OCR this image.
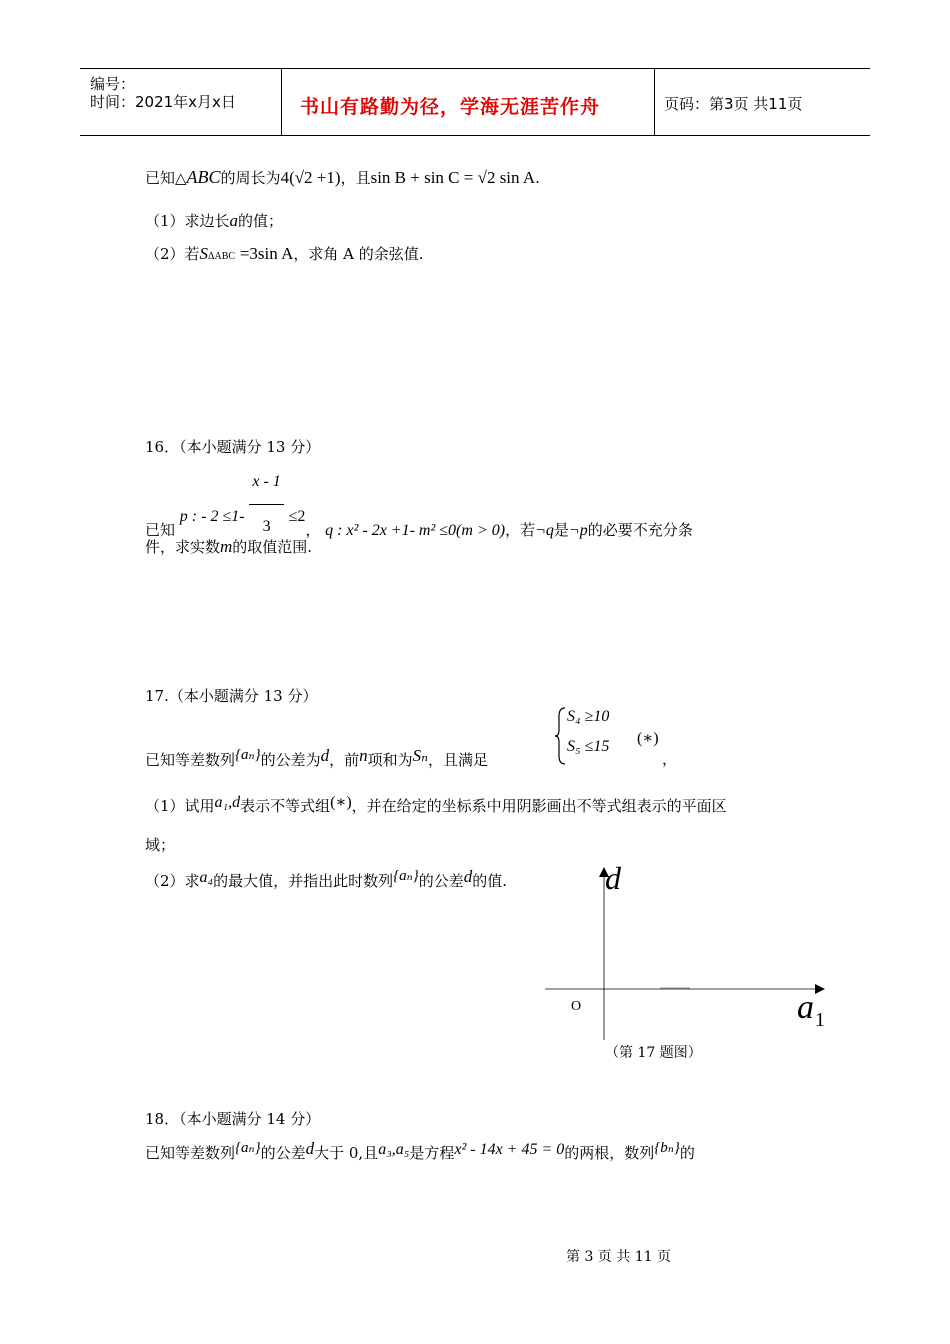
编号：
时间：2021年x月x日	书山有路勤为径，学海无涯苦作舟	页码：第3页 共11页
已知△ABC的周长为4(√2 +1)，且sin B + sin C = √2 sin A.
（1）求边长a的值；
（2）若SΔABC =3sin A，求角 A 的余弦值.
16．（本小题满分 13 分）
已知 p : - $2 \le 1- \frac{x - 1}{3} \le 2$， q : x² - 2x +1- m² ≤0(m > 0)，若¬q是¬p的必要不充分条
件，求实数m的取值范围.
17.（本小题满分 13 分）
S₄ ≥10
S₅ ≤15 (∗)
已知等差数列{aₙ}的公差为d，前n项和为Sₙ，且满足	，
（1）试用a₁,d表示不等式组(∗)，并在给定的坐标系中用阴影画出不等式组表示的平面区
域；
（2）求a₄的最大值，并指出此时数列{aₙ}的公差d的值.	d
a 1
O
（第 17 题图）
18．（本小题满分 14 分）
已知等差数列{aₙ}的公差d大于 0,且a₃,a₅是方程x² - 14x + 45 = 0的两根，数列{bₙ}的
第 3 页 共 11 页
